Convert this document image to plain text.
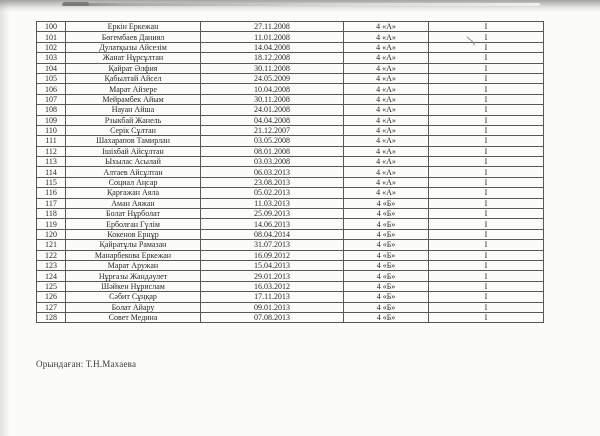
100	Еркін Еркежан	27.11.2008	4 «А»	I
101	Бөгембаев Даниял	11.01.2008	4 «А»	I
102	Дулатқызы Айсезім	14.04.2008	4 «А»	I
103	Жанат Нұрсұлтан	18.12.2008	4 «А»	I
104	Қайрат Әлфия	30.11.2008	4 «А»	I
105	Қабылтай Айсел	24.05.2009	4 «А»	I
106	Марат Айзере	10.04.2008	4 «А»	I
107	Мейрамбек Айым	30.11.2008	4 «А»	I
108	Науан Айша	24.01.2008	4 «А»	I
109	Рзыкбай Жанель	04.04.2008	4 «А»	I
110	Серік Сұлтан	21.12.2007	4 «А»	I
111	Шахарапов Тамирлан	03.05.2008	4 «А»	I
112	Ішіхбай Айсұлтан	08.01.2008	4 «А»	I
113	Ыхылас Асылай	03.03.2008	4 «А»	I
114	Алтаев Айсұлтан	06.03.2013	4 «А»	I
115	Социал Аңсар	23.08.2013	4 «А»	I
116	Қарғажан Аяла	05.02.2013	4 «А»	I
117	Аман Аяжан	11.03.2013	4 «Б»	I
118	Болат Нұрболат	25.09.2013	4 «Б»	I
119	Ерболған Гүлім	14.06.2013	4 «Б»	I
120	Кокенов Ернұр	08.04.2014	4 «Б»	I
121	Қайратұлы Рамазан	31.07.2013	4 «Б»	I
122	Манарбекова Еркежан	16.09.2012	4 «Б»	I
123	Марат Аружан	15.04.2013	4 «Б»	I
124	Нұрғазы Жандәулет	29.01.2013	4 «Б»	I
125	Шәйкен Нұрислам	16.03.2012	4 «Б»	I
126	Сәбит Сұңқар	17.11.2013	4 «Б»	I
127	Болат Айару	09.01.2013	4 «Б»	I
128	Совет Медина	07.08.2013	4 «Б»	I
Орындаған: Т.Н.Махаева
